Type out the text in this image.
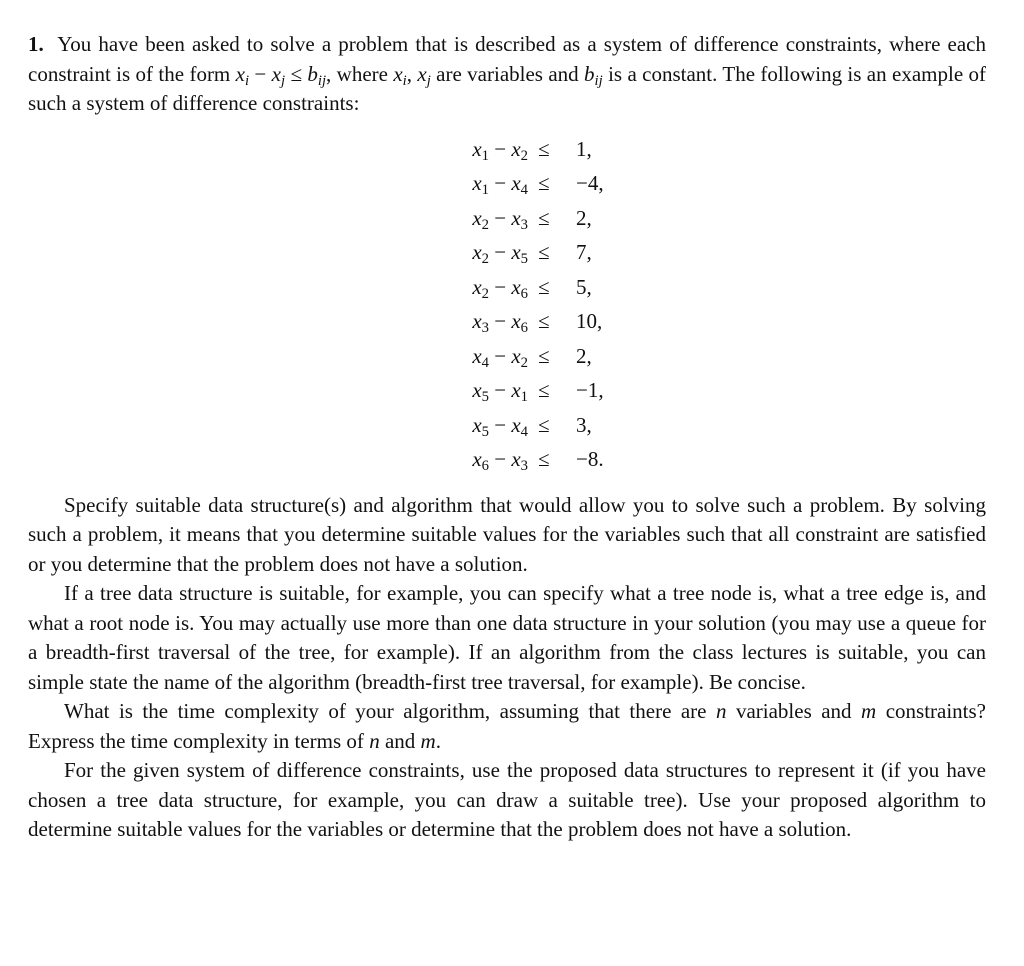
1. You have been asked to solve a problem that is described as a system of difference constraints, where each constraint is of the form $x_i - x_j \le b_{ij}$, where $x_i$, $x_j$ are variables and $b_{ij}$ is a constant. The following is an example of such a system of difference constraints:

$x_1 - x_2 \le 1$,
$x_1 - x_4 \le -4$,
$x_2 - x_3 \le 2$,
$x_2 - x_5 \le 7$,
$x_2 - x_6 \le 5$,
$x_3 - x_6 \le 10$,
$x_4 - x_2 \le 2$,
$x_5 - x_1 \le -1$,
$x_5 - x_4 \le 3$,
$x_6 - x_3 \le -8$.

Specify suitable data structure(s) and algorithm that would allow you to solve such a problem. By solving such a problem, it means that you determine suitable values for the variables such that all constraint are satisfied or you determine that the problem does not have a solution.

If a tree data structure is suitable, for example, you can specify what a tree node is, what a tree edge is, and what a root node is. You may actually use more than one data structure in your solution (you may use a queue for a breadth-first traversal of the tree, for example). If an algorithm from the class lectures is suitable, you can simple state the name of the algorithm (breadth-first tree traversal, for example). Be concise.

What is the time complexity of your algorithm, assuming that there are n variables and m constraints? Express the time complexity in terms of n and m.

For the given system of difference constraints, use the proposed data structures to represent it (if you have chosen a tree data structure, for example, you can draw a suitable tree). Use your proposed algorithm to determine suitable values for the variables or determine that the problem does not have a solution.
